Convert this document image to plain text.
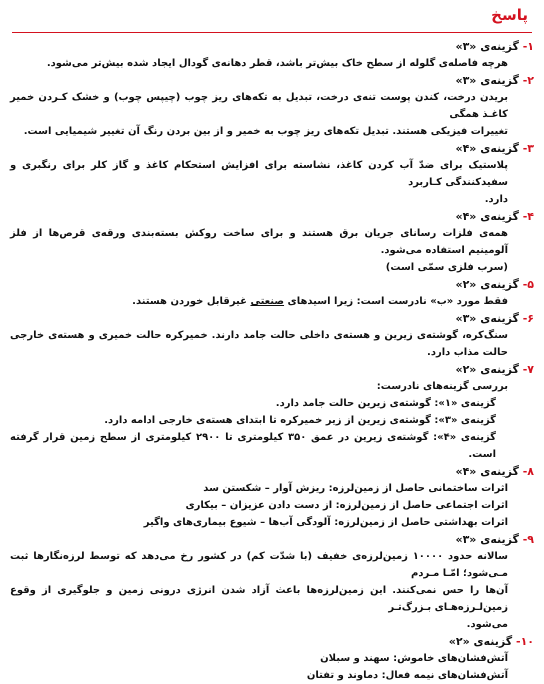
پاسخ
۱- گزینه‌ی «۳»
هرچه فاصله‌ی گلوله از سطح خاک بیش‌تر باشد، قطر دهانه‌ی گودال ایجاد شده بیش‌تر می‌شود.
۲- گزینه‌ی «۳»
بریدن درخت، کندن پوست تنه‌ی درخت، تبدیل به تکه‌های ریز چوب (چیپس چوب) و خشک کـردن خمیر کاغـذ همگی
تغییرات فیزیکی هستند. تبدیل تکه‌های ریز چوب به خمیر و از بین بردن رنگ آن تغییر شیمیایی است.
۳- گزینه‌ی «۴»
پلاستیک برای ضدّ آب کردن کاغذ، نشاسته برای افزایش استحکام کاغذ و گاز کلر برای رنگبری و سفیدکنندگی کـاربرد
دارد.
۴- گزینه‌ی «۴»
همه‌ی فلزات رسانای جریان برق هستند و برای ساخت روکش بسته‌بندی ورقه‌ی قرص‌ها از فلز آلومینیم استفاده می‌شود.
(سرب فلزی سمّی است)
۵- گزینه‌ی «۲»
فقط مورد «ب» نادرست است: زیرا اسیدهای صنعتی غیرقابل خوردن هستند.
۶- گزینه‌ی «۳»
سنگ‌کره، گوشته‌ی زیرین و هسته‌ی داخلی حالت جامد دارند. خمیرکره حالت خمیری و هسته‌ی خارجی حالت مذاب دارد.
۷- گزینه‌ی «۲»
بررسی گزینه‌های نادرست:
گزینه‌ی «۱»: گوشته‌ی زیرین حالت جامد دارد.
گزینه‌ی «۳»: گوشته‌ی زیرین از زیر خمیرکره تا ابتدای هسته‌ی خارجی ادامه دارد.
گزینه‌ی «۴»: گوشته‌ی زیرین در عمق ۳۵۰ کیلومتری تا ۲۹۰۰ کیلومتری از سطح زمین قرار گرفته است.
۸- گزینه‌ی «۴»
اثرات ساختمانی حاصل از زمین‌لرزه: ریزش آوار – شکستن سد
اثرات اجتماعی حاصل از زمین‌لرزه: از دست دادن عزیزان – بیکاری
اثرات بهداشتی حاصل از زمین‌لرزه: آلودگی آب‌ها – شیوع بیماری‌های واگیر
۹- گزینه‌ی «۳»
سالانه حدود ۱۰۰۰۰ زمین‌لرزه‌ی خفیف (با شدّت کم) در کشور رخ می‌دهد که توسط لرزه‌نگارها ثبت مـی‌شود؛ امّـا مـردم
آن‌ها را حس نمی‌کنند. این زمین‌لرزه‌ها باعث آزاد شدن انرژی درونی زمین و جلوگیری از وقوع زمین‌لـرزه‌هـای بـزرگ‌تـر
می‌شود.
۱۰- گزینه‌ی «۲»
آتش‌فشان‌های خاموش: سهند و سبلان
آتش‌فشان‌های نیمه فعال: دماوند و تفتان
